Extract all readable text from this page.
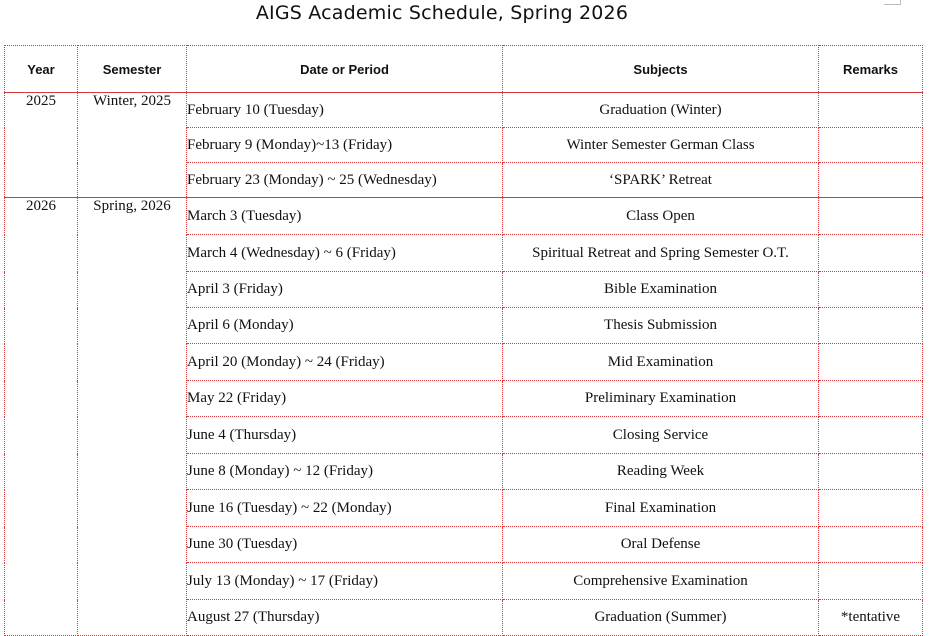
AIGS Academic Schedule, Spring 2026
Year	Semester	Date or Period	Subjects	Remarks
2025	Winter, 2025	February 10 (Tuesday)	Graduation (Winter)	
		February 9 (Monday)~13 (Friday)	Winter Semester German Class	
		February 23 (Monday) ~ 25 (Wednesday)	‘SPARK’ Retreat	
2026	Spring, 2026	March 3 (Tuesday)	Class Open	
		March 4 (Wednesday) ~ 6 (Friday)	Spiritual Retreat and Spring Semester O.T.	
		April 3 (Friday)	Bible Examination	
		April 6 (Monday)	Thesis Submission	
		April 20 (Monday) ~ 24 (Friday)	Mid Examination	
		May 22 (Friday)	Preliminary Examination	
		June 4 (Thursday)	Closing Service	
		June 8 (Monday) ~ 12 (Friday)	Reading Week	
		June 16 (Tuesday) ~ 22 (Monday)	Final Examination	
		June 30 (Tuesday)	Oral Defense	
		July 13 (Monday) ~ 17 (Friday)	Comprehensive Examination	
		August 27 (Thursday)	Graduation (Summer)	*tentative
